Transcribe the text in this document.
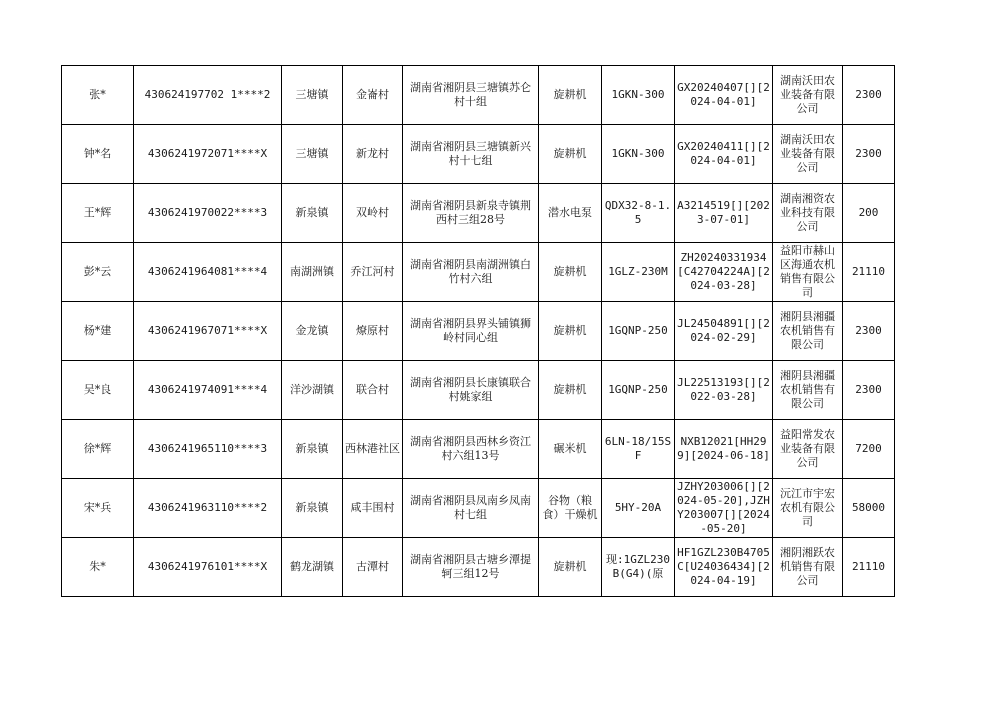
张*	430624197702 1****2	三塘镇	金崙村	湖南省湘阴县三塘镇苏仑村十组	旋耕机	1GKN-300	GX20240407[][2024-04-01]	湖南沃田农业装备有限公司	2300
钟*名	4306241972071****X	三塘镇	新龙村	湖南省湘阴县三塘镇新兴村十七组	旋耕机	1GKN-300	GX20240411[][2024-04-01]	湖南沃田农业装备有限公司	2300
王*辉	4306241970022****3	新泉镇	双岭村	湖南省湘阴县新泉寺镇荆西村三组28号	潜水电泵	QDX32-8-1.5	A3214519[][2023-07-01]	湖南湘资农业科技有限公司	200
彭*云	4306241964081****4	南湖洲镇	乔江河村	湖南省湘阴县南湖洲镇白竹村六组	旋耕机	1GLZ-230M	ZH20240331934[C42704224A][2024-03-28]	益阳市赫山区海通农机销售有限公司	21110
杨*建	4306241967071****X	金龙镇	燎原村	湖南省湘阴县界头铺镇狮岭村同心组	旋耕机	1GQNP-250	JL24504891[][2024-02-29]	湘阴县湘疆农机销售有限公司	2300
吴*良	4306241974091****4	洋沙湖镇	联合村	湖南省湘阴县长康镇联合村姚家组	旋耕机	1GQNP-250	JL22513193[][2022-03-28]	湘阴县湘疆农机销售有限公司	2300
徐*辉	4306241965110****3	新泉镇	西林港社区	湖南省湘阴县西林乡资江村六组13号	碾米机	6LN-18/15SF	NXB12021[HH299][2024-06-18]	益阳常发农业装备有限公司	7200
宋*兵	4306241963110****2	新泉镇	咸丰围村	湖南省湘阴县凤南乡凤南村七组	谷物（粮食）干燥机	5HY-20A	JZHY203006[][2024-05-20],JZHY203007[][2024-05-20]	沅江市宇宏农机有限公司	58000
朱*	4306241976101****X	鹤龙湖镇	古潭村	湖南省湘阴县古塘乡潭提轲三组12号	旋耕机	现:1GZL230B(G4)(原	HF1GZL230B4705C[U24036434][2024-04-19]	湘阴湘跃农机销售有限公司	21110
